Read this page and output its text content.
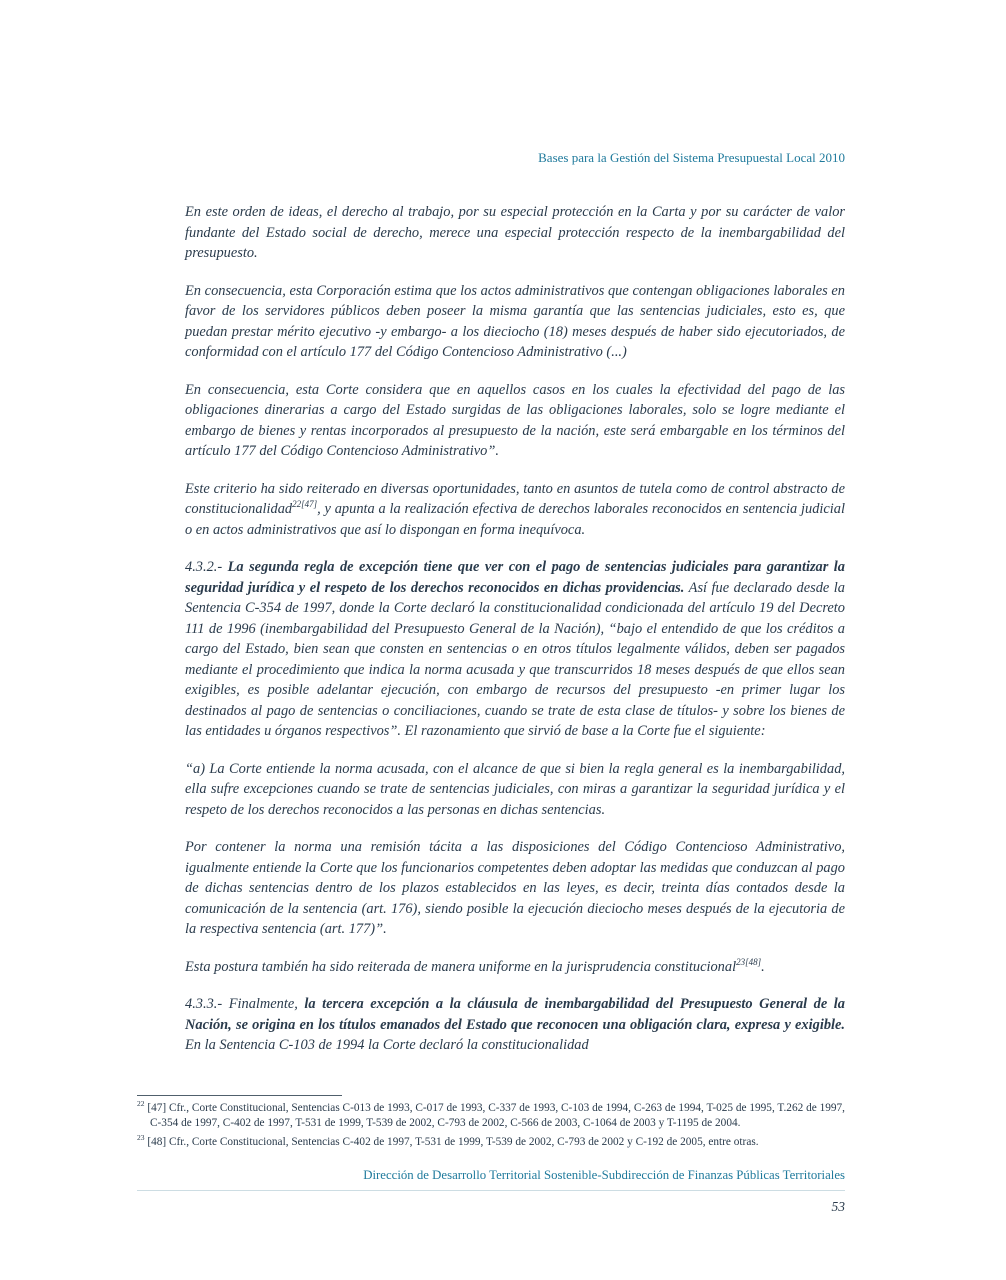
Bases para la Gestión del Sistema Presupuestal Local 2010

En este orden de ideas, el derecho al trabajo, por su especial protección en la Carta y por su carácter de valor fundante del Estado social de derecho, merece una especial protección respecto de la inembargabilidad del presupuesto.

En consecuencia, esta Corporación estima que los actos administrativos que contengan obligaciones laborales en favor de los servidores públicos deben poseer la misma garantía que las sentencias judiciales, esto es, que puedan prestar mérito ejecutivo -y embargo- a los dieciocho (18) meses después de haber sido ejecutoriados, de conformidad con el artículo 177 del Código Contencioso Administrativo (...)

En consecuencia, esta Corte considera que en aquellos casos en los cuales la efectividad del pago de las obligaciones dinerarias a cargo del Estado surgidas de las obligaciones laborales, solo se logre mediante el embargo de bienes y rentas incorporados al presupuesto de la nación, este será embargable en los términos del artículo 177 del Código Contencioso Administrativo”.

Este criterio ha sido reiterado en diversas oportunidades, tanto en asuntos de tutela como de control abstracto de constitucionalidad$^{22[47]}$, y apunta a la realización efectiva de derechos laborales reconocidos en sentencia judicial o en actos administrativos que así lo dispongan en forma inequívoca.

4.3.2.- La segunda regla de excepción tiene que ver con el pago de sentencias judiciales para garantizar la seguridad jurídica y el respeto de los derechos reconocidos en dichas providencias. Así fue declarado desde la Sentencia C-354 de 1997, donde la Corte declaró la constitucionalidad condicionada del artículo 19 del Decreto 111 de 1996 (inembargabilidad del Presupuesto General de la Nación), “bajo el entendido de que los créditos a cargo del Estado, bien sean que consten en sentencias o en otros títulos legalmente válidos, deben ser pagados mediante el procedimiento que indica la norma acusada y que transcurridos 18 meses después de que ellos sean exigibles, es posible adelantar ejecución, con embargo de recursos del presupuesto -en primer lugar los destinados al pago de sentencias o conciliaciones, cuando se trate de esta clase de títulos- y sobre los bienes de las entidades u órganos respectivos”. El razonamiento que sirvió de base a la Corte fue el siguiente:

“a) La Corte entiende la norma acusada, con el alcance de que si bien la regla general es la inembargabilidad, ella sufre excepciones cuando se trate de sentencias judiciales, con miras a garantizar la seguridad jurídica y el respeto de los derechos reconocidos a las personas en dichas sentencias.

Por contener la norma una remisión tácita a las disposiciones del Código Contencioso Administrativo, igualmente entiende la Corte que los funcionarios competentes deben adoptar las medidas que conduzcan al pago de dichas sentencias dentro de los plazos establecidos en las leyes, es decir, treinta días contados desde la comunicación de la sentencia (art. 176), siendo posible la ejecución dieciocho meses después de la ejecutoria de la respectiva sentencia (art. 177)”.

Esta postura también ha sido reiterada de manera uniforme en la jurisprudencia constitucional$^{23[48]}$.

4.3.3.- Finalmente, la tercera excepción a la cláusula de inembargabilidad del Presupuesto General de la Nación, se origina en los títulos emanados del Estado que reconocen una obligación clara, expresa y exigible. En la Sentencia C-103 de 1994 la Corte declaró la constitucionalidad

$^{22}$ [47] Cfr., Corte Constitucional, Sentencias C-013 de 1993, C-017 de 1993, C-337 de 1993, C-103 de 1994, C-263 de 1994, T-025 de 1995, T.262 de 1997, C-354 de 1997, C-402 de 1997, T-531 de 1999, T-539 de 2002, C-793 de 2002, C-566 de 2003, C-1064 de 2003 y T-1195 de 2004.

$^{23}$ [48] Cfr., Corte Constitucional, Sentencias C-402 de 1997, T-531 de 1999, T-539 de 2002, C-793 de 2002 y C-192 de 2005, entre otras.

Dirección de Desarrollo Territorial Sostenible-Subdirección de Finanzas Públicas Territoriales
53
